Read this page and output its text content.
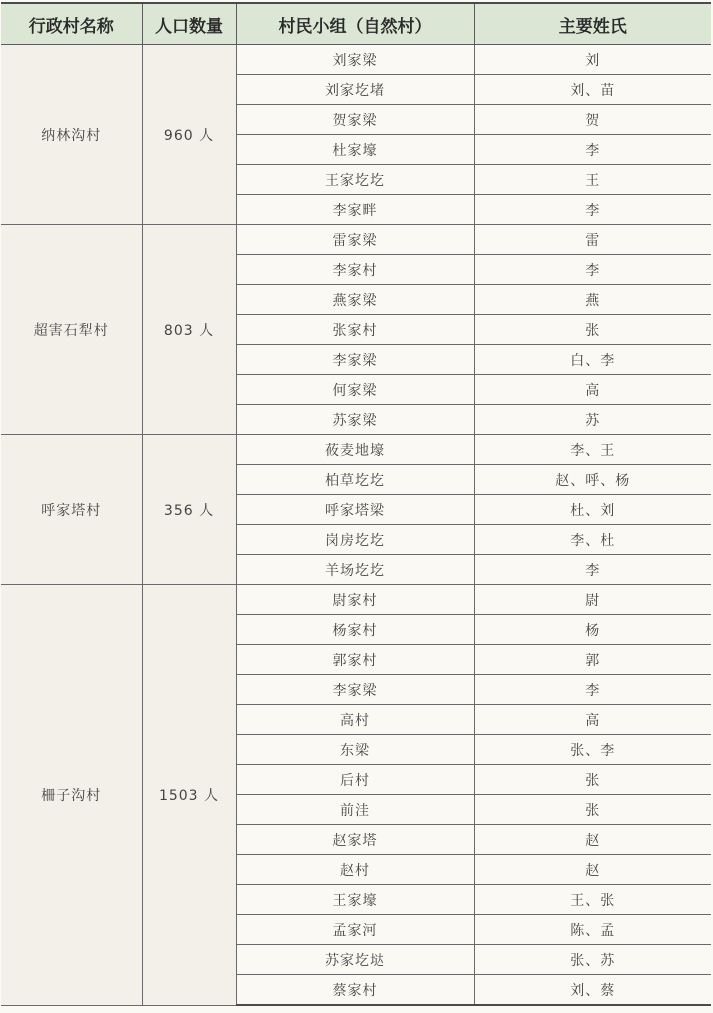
行政村名称	人口数量	村民小组（自然村）	主要姓氏
纳林沟村	960 人	刘家梁	刘
		刘家圪堵	刘、苗
		贺家梁	贺
		杜家壕	李
		王家圪圪	王
		李家畔	李
超害石犁村	803 人	雷家梁	雷
		李家村	李
		燕家梁	燕
		张家村	张
		李家梁	白、李
		何家梁	高
		苏家梁	苏
呼家塔村	356 人	莜麦地壕	李、王
		柏草圪圪	赵、呼、杨
		呼家塔梁	杜、刘
		岗房圪圪	李、杜
		羊场圪圪	李
柵子沟村	1503 人	尉家村	尉
		杨家村	杨
		郭家村	郭
		李家梁	李
		高村	高
		东梁	张、李
		后村	张
		前洼	张
		赵家塔	赵
		赵村	赵
		王家壕	王、张
		孟家河	陈、孟
		苏家圪垯	张、苏
		蔡家村	刘、蔡
